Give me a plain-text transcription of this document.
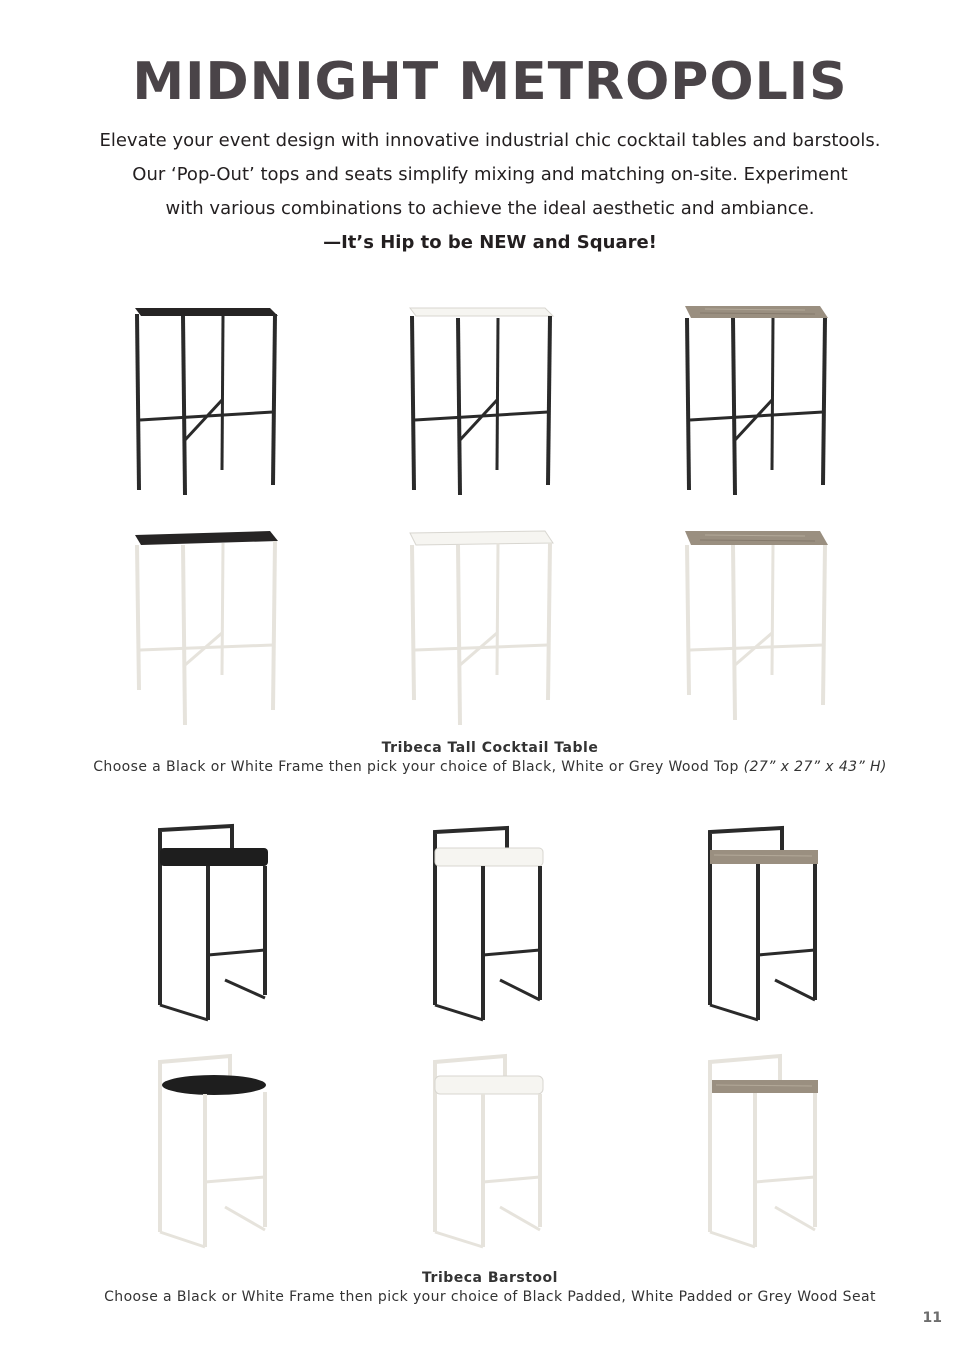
MIDNIGHT METROPOLIS
Elevate your event design with innovative industrial chic cocktail tables and barstools.
Our ‘Pop-Out’ tops and seats simplify mixing and matching on-site. Experiment
with various combinations to achieve the ideal aesthetic and ambiance.
—It’s Hip to be NEW and Square!
Tribeca Tall Cocktail Table
Choose a Black or White Frame then pick your choice of Black, White or Grey Wood Top (27” x 27” x 43” H)
Tribeca Barstool
Choose a Black or White Frame then pick your choice of Black Padded, White Padded or Grey Wood Seat
11
